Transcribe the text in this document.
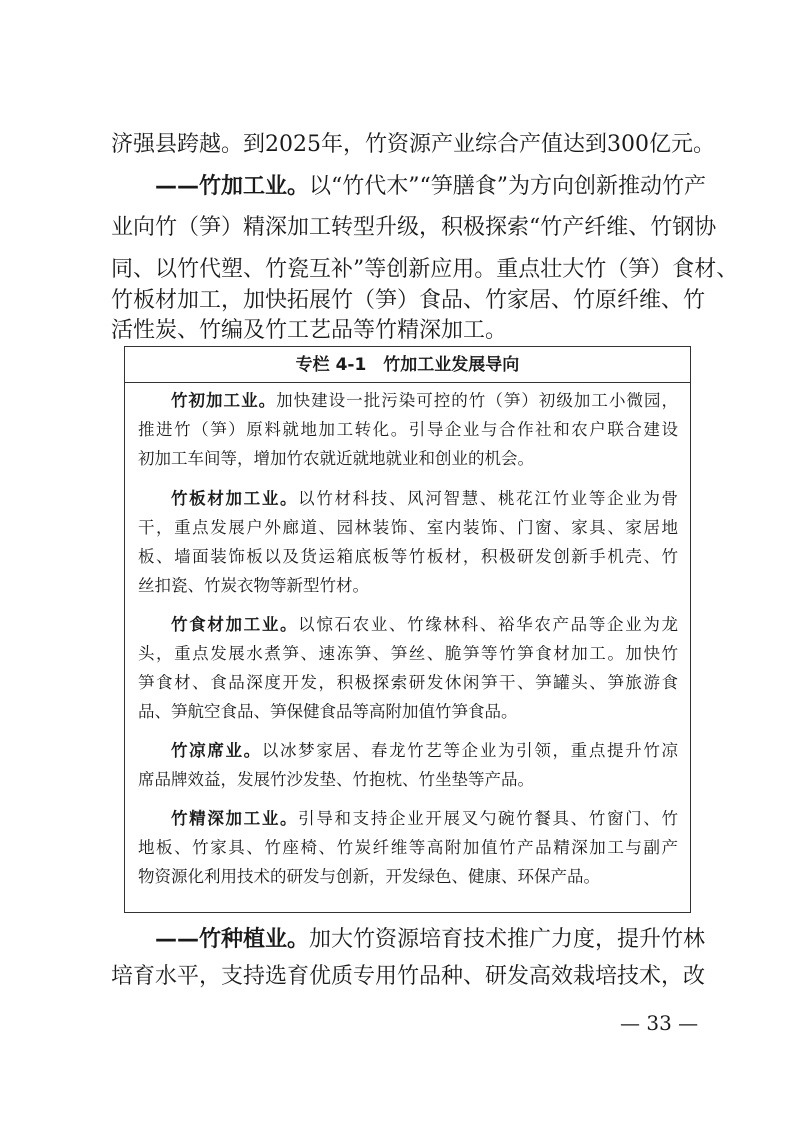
济强县跨越。到2025年，竹资源产业综合产值达到300亿元。
——竹加工业。以“竹代木”“笋膳食”为方向创新推动竹产
业向竹（笋）精深加工转型升级，积极探索“竹产纤维、竹钢协
同、以竹代塑、竹瓷互补”等创新应用。重点壮大竹（笋）食材、
竹板材加工，加快拓展竹（笋）食品、竹家居、竹原纤维、竹
活性炭、竹编及竹工艺品等竹精深加工。
专栏 4-1　竹加工业发展导向
竹初加工业。加快建设一批污染可控的竹（笋）初级加工小微园，
推进竹（笋）原料就地加工转化。引导企业与合作社和农户联合建设
初加工车间等，增加竹农就近就地就业和创业的机会。
竹板材加工业。以竹材科技、风河智慧、桃花江竹业等企业为骨
干，重点发展户外廊道、园林装饰、室内装饰、门窗、家具、家居地
板、墙面装饰板以及货运箱底板等竹板材，积极研发创新手机壳、竹
丝扣瓷、竹炭衣物等新型竹材。
竹食材加工业。以惊石农业、竹缘林科、裕华农产品等企业为龙
头，重点发展水煮笋、速冻笋、笋丝、脆笋等竹笋食材加工。加快竹
笋食材、食品深度开发，积极探索研发休闲笋干、笋罐头、笋旅游食
品、笋航空食品、笋保健食品等高附加值竹笋食品。
竹凉席业。以冰梦家居、春龙竹艺等企业为引领，重点提升竹凉
席品牌效益，发展竹沙发垫、竹抱枕、竹坐垫等产品。
竹精深加工业。引导和支持企业开展叉勺碗竹餐具、竹窗门、竹
地板、竹家具、竹座椅、竹炭纤维等高附加值竹产品精深加工与副产
物资源化利用技术的研发与创新，开发绿色、健康、环保产品。
——竹种植业。加大竹资源培育技术推广力度，提升竹林
培育水平，支持选育优质专用竹品种、研发高效栽培技术，改
— 33 —
